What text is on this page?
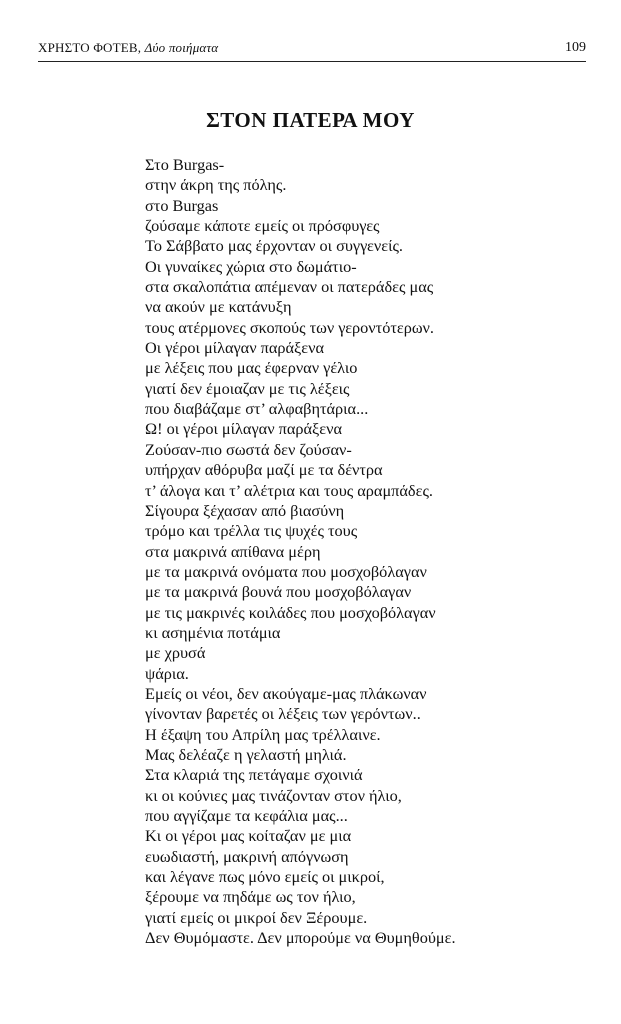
ΧΡΗΣΤΟ ΦΟΤΕΒ, Δύο ποιήματα	109
ΣΤΟΝ ΠΑΤΕΡΑ ΜΟΥ
Στο Burgas-
στην άκρη της πόλης.
στο Burgas
ζούσαμε κάποτε εμείς οι πρόσφυγες
Το Σάββατο μας έρχονταν οι συγγενείς.
Οι γυναίκες χώρια στο δωμάτιο-
στα σκαλοπάτια απέμεναν οι πατεράδες μας
να ακούν με κατάνυξη
τους ατέρμονες σκοπούς των γεροντότερων.
Οι γέροι μίλαγαν παράξενα
με λέξεις που μας έφερναν γέλιο
γιατί δεν έμοιαζαν με τις λέξεις
που διαβάζαμε στ’ αλφαβητάρια...
Ω! οι γέροι μίλαγαν παράξενα
Ζούσαν-πιο σωστά δεν ζούσαν-
υπήρχαν αθόρυβα μαζί με τα δέντρα
τ’ άλογα και τ’ αλέτρια και τους αραμπάδες.
Σίγουρα ξέχασαν από βιασύνη
τρόμο και τρέλλα τις ψυχές τους
στα μακρινά απίθανα μέρη
με τα μακρινά ονόματα που μοσχοβόλαγαν
με τα μακρινά βουνά που μοσχοβόλαγαν
με τις μακρινές κοιλάδες που μοσχοβόλαγαν
κι ασημένια ποτάμια
με χρυσά
ψάρια.
Εμείς οι νέοι, δεν ακούγαμε-μας πλάκωναν
γίνονταν βαρετές οι λέξεις των γερόντων..
Η έξαψη του Απρίλη μας τρέλλαινε.
Μας δελέαζε η γελαστή μηλιά.
Στα κλαριά της πετάγαμε σχοινιά
κι οι κούνιες μας τινάζονταν στον ήλιο,
που αγγίζαμε τα κεφάλια μας...
Κι οι γέροι μας κοίταζαν με μια
ευωδιαστή, μακρινή απόγνωση
και λέγανε πως μόνο εμείς οι μικροί,
ξέρουμε να πηδάμε ως τον ήλιο,
γιατί εμείς οι μικροί δεν Ξέρουμε.
Δεν Θυμόμαστε. Δεν μπορούμε να Θυμηθούμε.
